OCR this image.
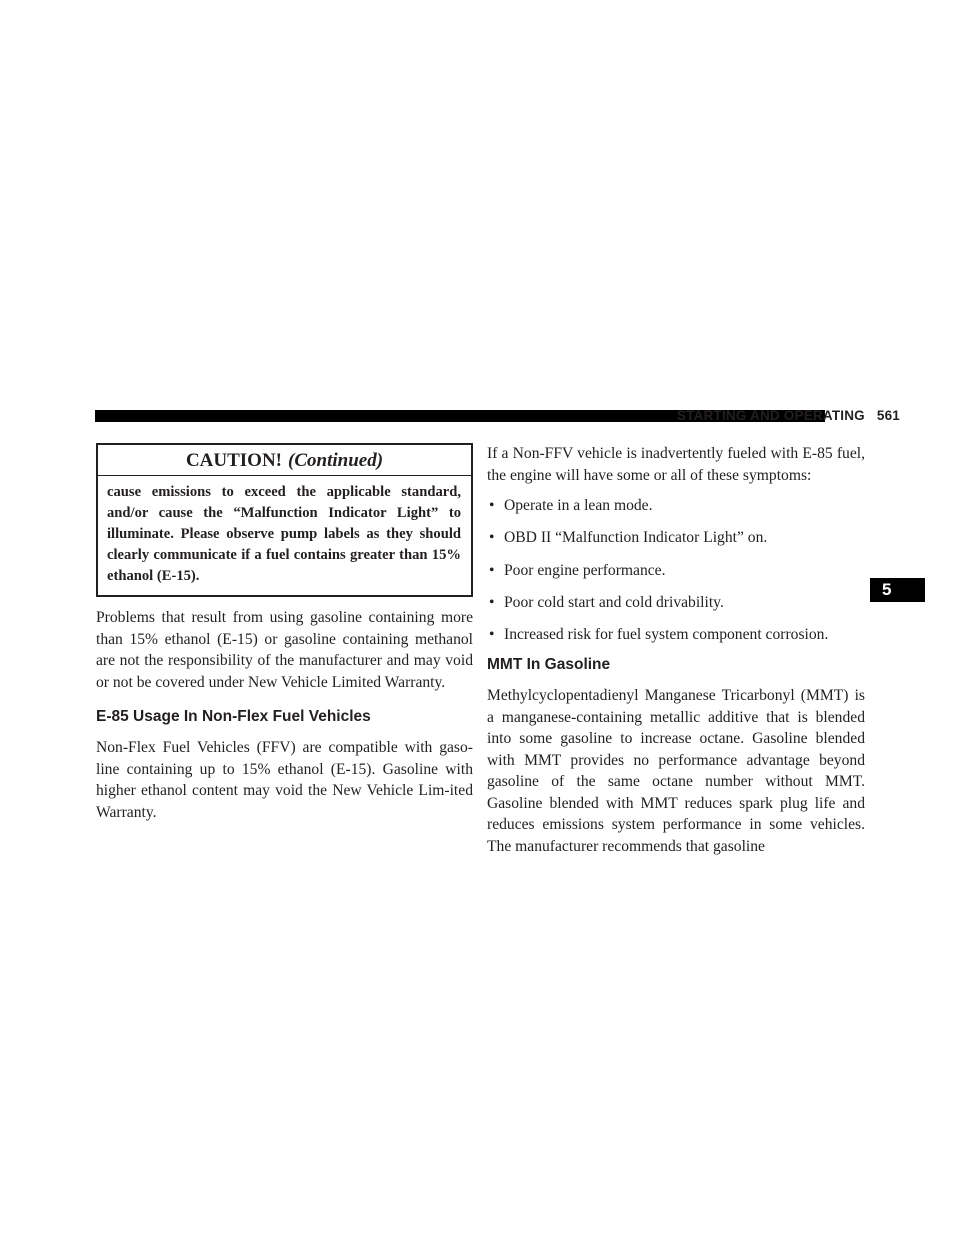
STARTING AND OPERATING 561
5
CAUTION! (Continued)
cause emissions to exceed the applicable standard, and/or cause the “Malfunction Indicator Light” to illuminate. Please observe pump labels as they should clearly communicate if a fuel contains greater than 15% ethanol (E-15).

Problems that result from using gasoline containing more than 15% ethanol (E-15) or gasoline containing methanol are not the responsibility of the manufacturer and may void or not be covered under New Vehicle Limited Warranty.

E-85 Usage In Non-Flex Fuel Vehicles

Non-Flex Fuel Vehicles (FFV) are compatible with gaso-line containing up to 15% ethanol (E-15). Gasoline with higher ethanol content may void the New Vehicle Lim-ited Warranty.

If a Non-FFV vehicle is inadvertently fueled with E-85 fuel, the engine will have some or all of these symptoms:

• Operate in a lean mode.
• OBD II “Malfunction Indicator Light” on.
• Poor engine performance.
• Poor cold start and cold drivability.
• Increased risk for fuel system component corrosion.
MMT In Gasoline

Methylcyclopentadienyl Manganese Tricarbonyl (MMT) is a manganese-containing metallic additive that is blended into some gasoline to increase octane. Gasoline blended with MMT provides no performance advantage beyond gasoline of the same octane number without MMT. Gasoline blended with MMT reduces spark plug life and reduces emissions system performance in some vehicles. The manufacturer recommends that gasoline
